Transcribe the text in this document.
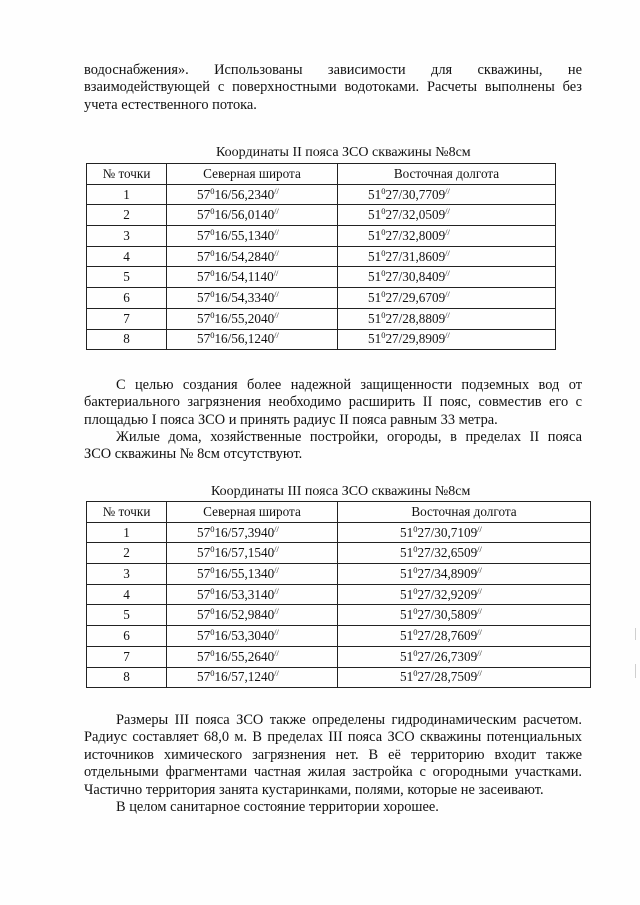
водоснабжения». Использованы зависимости для скважины, не
взаимодействующей с поверхностными водотоками. Расчеты выполнены без
учета естественного потока.
Координаты II пояса ЗСО скважины №8см
№ точки	Северная широта	Восточная долгота
1	$57^016/56,2340^{//}$	$51^027/30,7709^{//}$
2	$57^016/56,0140^{//}$	$51^027/32,0509^{//}$
3	$57^016/55,1340^{//}$	$51^027/32,8009^{//}$
4	$57^016/54,2840^{//}$	$51^027/31,8609^{//}$
5	$57^016/54,1140^{//}$	$51^027/30,8409^{//}$
6	$57^016/54,3340^{//}$	$51^027/29,6709^{//}$
7	$57^016/55,2040^{//}$	$51^027/28,8809^{//}$
8	$57^016/56,1240^{//}$	$51^027/29,8909^{//}$
С целью создания более надежной защищенности подземных вод от
бактериального загрязнения необходимо расширить II пояс, совместив его с
площадью I пояса ЗСО и принять радиус II пояса равным 33 метра.
Жилые дома, хозяйственные постройки, огороды, в пределах II пояса
ЗСО скважины № 8см отсутствуют.
Координаты III пояса ЗСО скважины №8см
№ точки	Северная широта	Восточная долгота
1	$57^016/57,3940^{//}$	$51^027/30,7109^{//}$
2	$57^016/57,1540^{//}$	$51^027/32,6509^{//}$
3	$57^016/55,1340^{//}$	$51^027/34,8909^{//}$
4	$57^016/53,3140^{//}$	$51^027/32,9209^{//}$
5	$57^016/52,9840^{//}$	$51^027/30,5809^{//}$
6	$57^016/53,3040^{//}$	$51^027/28,7609^{//}$
7	$57^016/55,2640^{//}$	$51^027/26,7309^{//}$
8	$57^016/57,1240^{//}$	$51^027/28,7509^{//}$
Размеры III пояса ЗСО также определены гидродинамическим расчетом.
Радиус составляет 68,0 м. В пределах III пояса ЗСО скважины потенциальных
источников химического загрязнения нет. В её территорию входит также
отдельными фрагментами частная жилая застройка с огородными участками.
Частично территория занята кустаринками, полями, которые не засеивают.
В целом санитарное состояние территории хорошее.
